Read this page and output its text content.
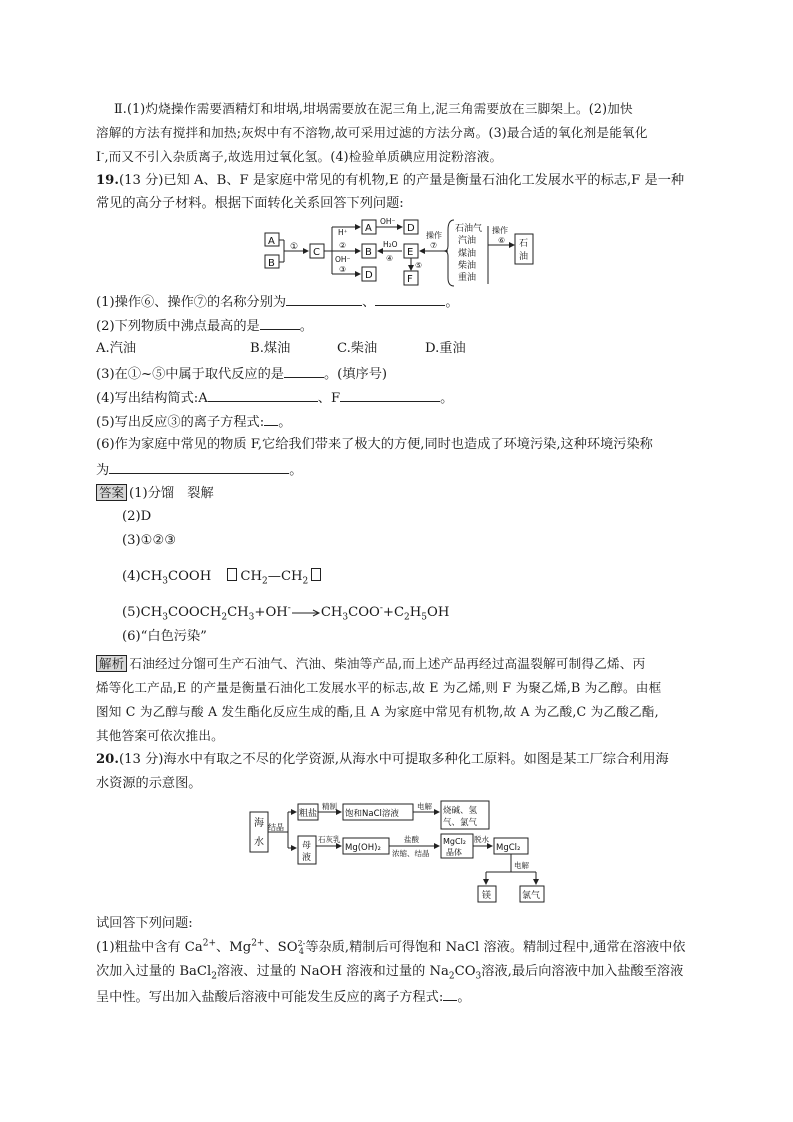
Ⅱ.(1)灼烧操作需要酒精灯和坩埚,坩埚需要放在泥三角上,泥三角需要放在三脚架上。(2)加快
溶解的方法有搅拌和加热;灰烬中有不溶物,故可采用过滤的方法分离。(3)最合适的氧化剂是能氧化
I-,而又不引入杂质离子,故选用过氧化氢。(4)检验单质碘应用淀粉溶液。
19.(13 分)已知 A、B、F 是家庭中常见的有机物,E 的产量是衡量石油化工发展水平的标志,F 是一种
常见的高分子材料。根据下面转化关系回答下列问题:
A
B
① C
H⁺
②
OH⁻
③
A
B
D
OH⁻
D
H₂O
④
E
⑤
F
操作
⑦
石油气
汽油
煤油
柴油
重油
操作
⑥ 石
油
(1)操作⑥、操作⑦的名称分别为	、	。
(2)下列物质中沸点最高的是	。
A.汽油	B.煤油	C.柴油	D.重油
(3)在①~⑤中属于取代反应的是	。(填序号)
(4)写出结构简式:A	、F	。
(5)写出反应③的离子方程式: 。
(6)作为家庭中常见的物质 F,它给我们带来了极大的方便,同时也造成了环境污染,这种环境污染称
为	。
答案 (1)分馏　裂解
(2)D
(3)①②③
$(4)CH_3COOH$　$CH_2—CH_2$
$(5)CH_3COOCH_2CH_3+OH^-\to CH_3COO^-+C_2H_5OH$
(6)“白色污染”
解析 石油经过分馏可生产石油气、汽油、柴油等产品,而上述产品再经过高温裂解可制得乙烯、丙
烯等化工产品,E 的产量是衡量石油化工发展水平的标志,故 E 为乙烯,则 F 为聚乙烯,B 为乙醇。由框
图知 C 为乙醇与酸 A 发生酯化反应生成的酯,且 A 为家庭中常见有机物,故 A 为乙酸,C 为乙酸乙酯,
其他答案可依次推出。
20.(13 分)海水中有取之不尽的化学资源,从海水中可提取多种化工原料。如图是某工厂综合利用海
水资源的示意图。
海
水
结晶
粗 盐
精制
饱和NaCl溶液
电解 烧碱、氢
气、氯气
母
液
石灰乳
Mg(OH)₂
盐酸
浓缩、结晶
MgCl₂
晶体
脱水
MgCl₂
电解
镁	氯气
试回答下列问题:
(1)粗盐中含有 $Ca^{2+}$、$Mg^{2+}$、SO 2-
4 等杂质,精制后可得饱和 NaCl 溶液。精制过程中,通常在溶液中依
次加入过量的 BaCl$_2$溶液、过量的 NaOH 溶液和过量的 $Na_2CO_3$溶液,最后向溶液中加入盐酸至溶液
呈中性。写出加入盐酸后溶液中可能发生反应的离子方程式: 。
